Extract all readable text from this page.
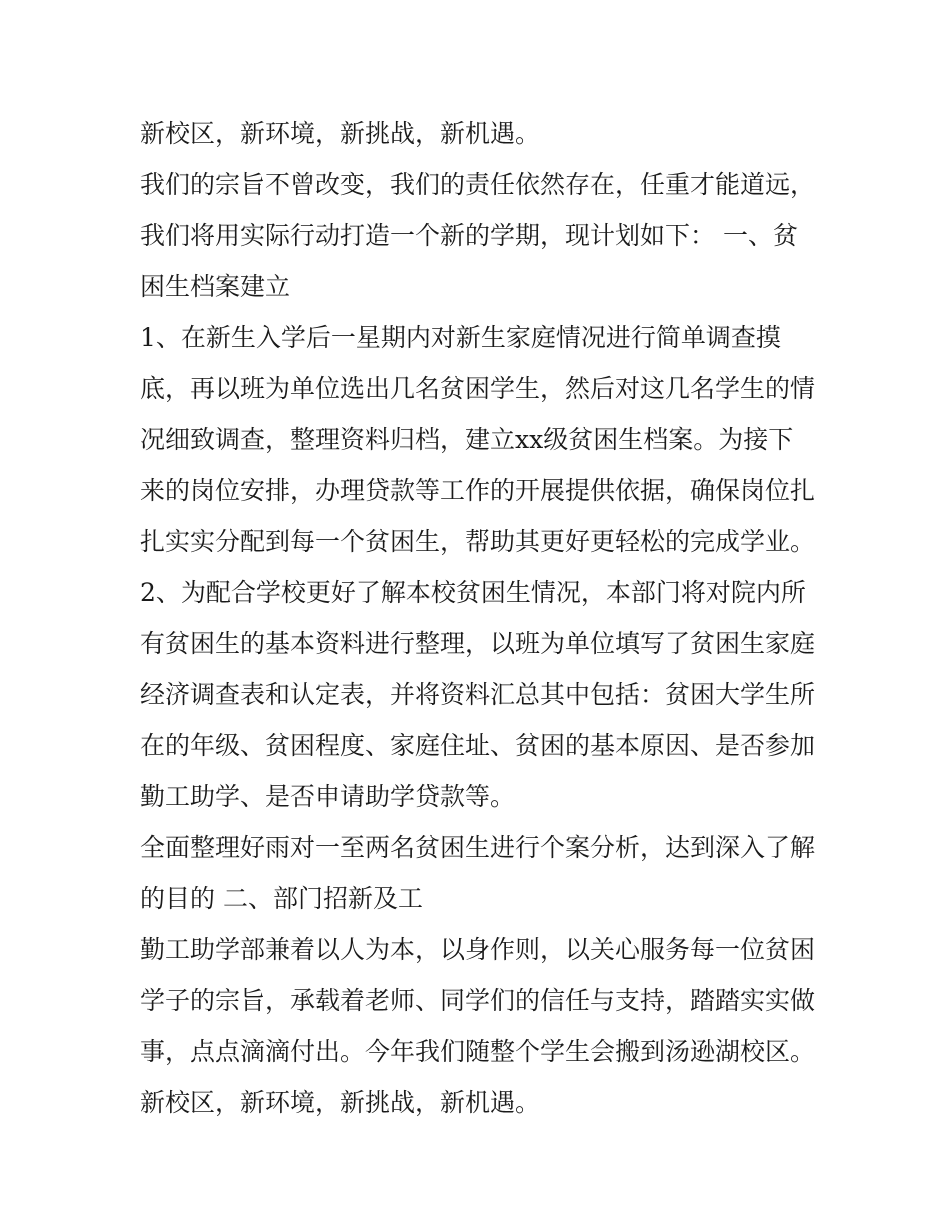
新校区，新环境，新挑战，新机遇。
我们的宗旨不曾改变，我们的责任依然存在，任重才能道远，
我们将用实际行动打造一个新的学期，现计划如下： 一、贫
困生档案建立
1、在新生入学后一星期内对新生家庭情况进行简单调查摸
底，再以班为单位选出几名贫困学生，然后对这几名学生的情
况细致调查，整理资料归档，建立xx级贫困生档案。为接下
来的岗位安排，办理贷款等工作的开展提供依据，确保岗位扎
扎实实分配到每一个贫困生，帮助其更好更轻松的完成学业。
2、为配合学校更好了解本校贫困生情况，本部门将对院内所
有贫困生的基本资料进行整理，以班为单位填写了贫困生家庭
经济调查表和认定表，并将资料汇总其中包括：贫困大学生所
在的年级、贫困程度、家庭住址、贫困的基本原因、是否参加
勤工助学、是否申请助学贷款等。
全面整理好雨对一至两名贫困生进行个案分析，达到深入了解
的目的 二、部门招新及工
勤工助学部兼着以人为本，以身作则，以关心服务每一位贫困
学子的宗旨，承载着老师、同学们的信任与支持，踏踏实实做
事，点点滴滴付出。今年我们随整个学生会搬到汤逊湖校区。
新校区，新环境，新挑战，新机遇。
